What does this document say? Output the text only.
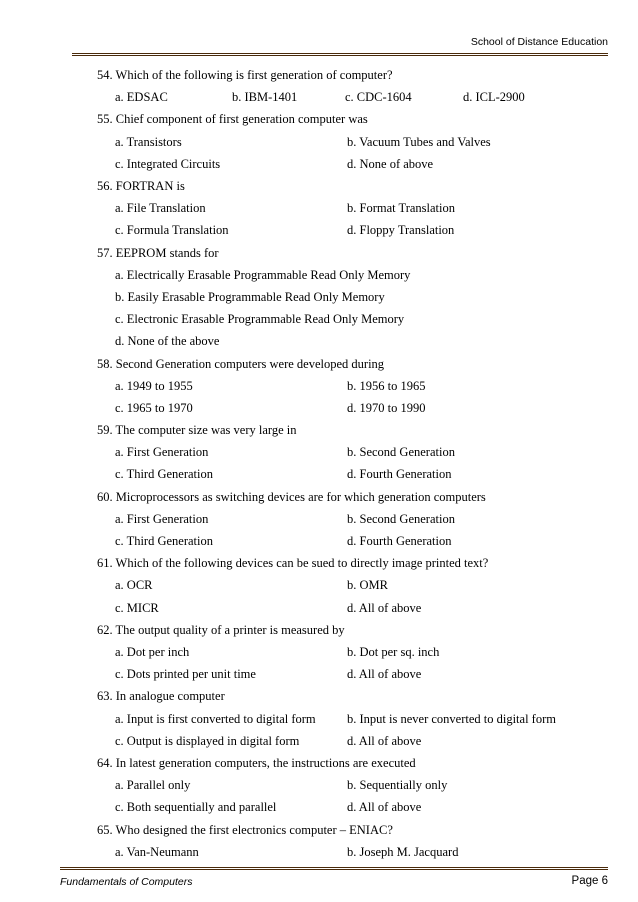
School of Distance Education
54. Which of the following is first generation of computer?
a. EDSAC	b. IBM-1401	c. CDC-1604	d. ICL-2900
55. Chief component of first generation computer was
a. Transistors	b. Vacuum Tubes and Valves
c. Integrated Circuits	d. None of above
56. FORTRAN is
a. File Translation	b. Format Translation
c. Formula Translation	d. Floppy Translation
57. EEPROM stands for
a. Electrically Erasable Programmable Read Only Memory
b. Easily Erasable Programmable Read Only Memory
c. Electronic Erasable Programmable Read Only Memory
d. None of the above
58. Second Generation computers were developed during
a. 1949 to 1955	b. 1956 to 1965
c. 1965 to 1970	d. 1970 to 1990
59. The computer size was very large in
a. First Generation	b. Second Generation
c. Third Generation	d. Fourth Generation
60. Microprocessors as switching devices are for which generation computers
a. First Generation	b. Second Generation
c. Third Generation	d. Fourth Generation
61. Which of the following devices can be sued to directly image printed text?
a. OCR	b. OMR
c. MICR	d. All of above
62. The output quality of a printer is measured by
a. Dot per inch	b. Dot per sq. inch
c. Dots printed per unit time	d. All of above
63. In analogue computer
a. Input is first converted to digital form	b. Input is never converted to digital form
c. Output is displayed in digital form	d. All of above
64. In latest generation computers, the instructions are executed
a. Parallel only	b. Sequentially only
c. Both sequentially and parallel	d. All of above
65. Who designed the first electronics computer – ENIAC?
a. Van-Neumann	b. Joseph M. Jacquard
Fundamentals of Computers	Page 6
